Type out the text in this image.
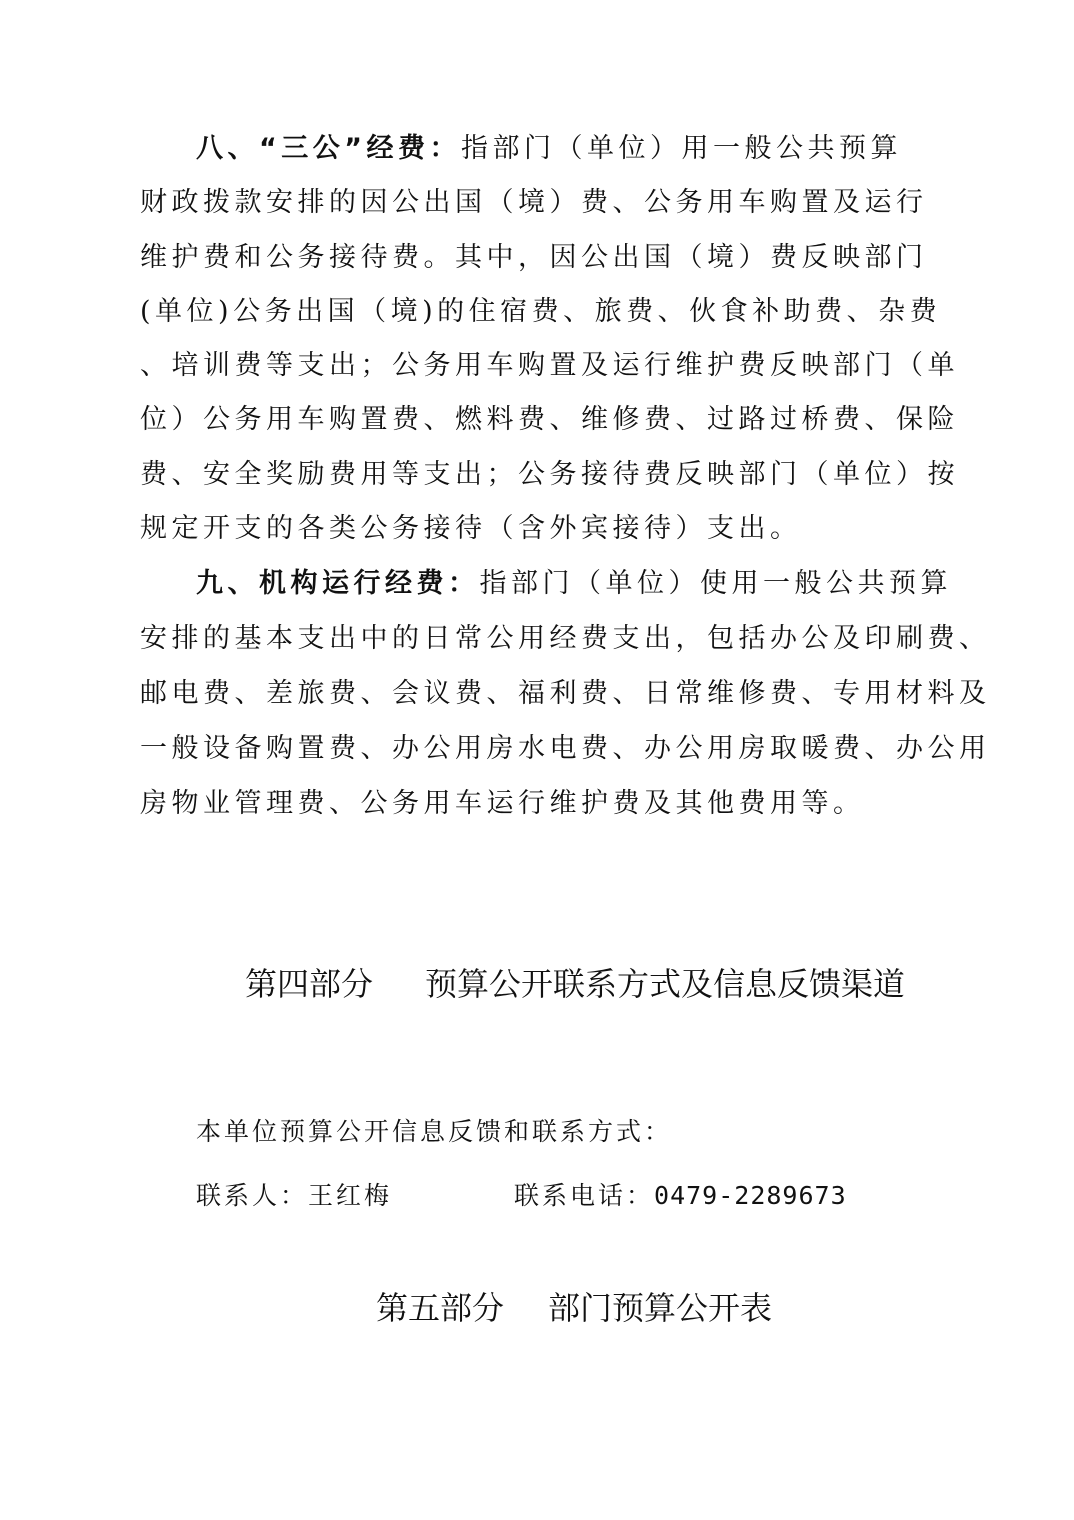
八、“三公”经费：指部门（单位）用一般公共预算
财政拨款安排的因公出国（境）费、公务用车购置及运行
维护费和公务接待费。其中，因公出国（境）费反映部门
(单位)公务出国（境)的住宿费、旅费、伙食补助费、杂费
、培训费等支出；公务用车购置及运行维护费反映部门（单
位）公务用车购置费、燃料费、维修费、过路过桥费、保险
费、安全奖励费用等支出；公务接待费反映部门（单位）按
规定开支的各类公务接待（含外宾接待）支出。
九、机构运行经费：指部门（单位）使用一般公共预算
安排的基本支出中的日常公用经费支出，包括办公及印刷费、
邮电费、差旅费、会议费、福利费、日常维修费、专用材料及
一般设备购置费、办公用房水电费、办公用房取暖费、办公用
房物业管理费、公务用车运行维护费及其他费用等。
第四部分 预算公开联系方式及信息反馈渠道
本单位预算公开信息反馈和联系方式：
联系人：王红梅	联系电话：0479-2289673
第五部分 部门预算公开表
